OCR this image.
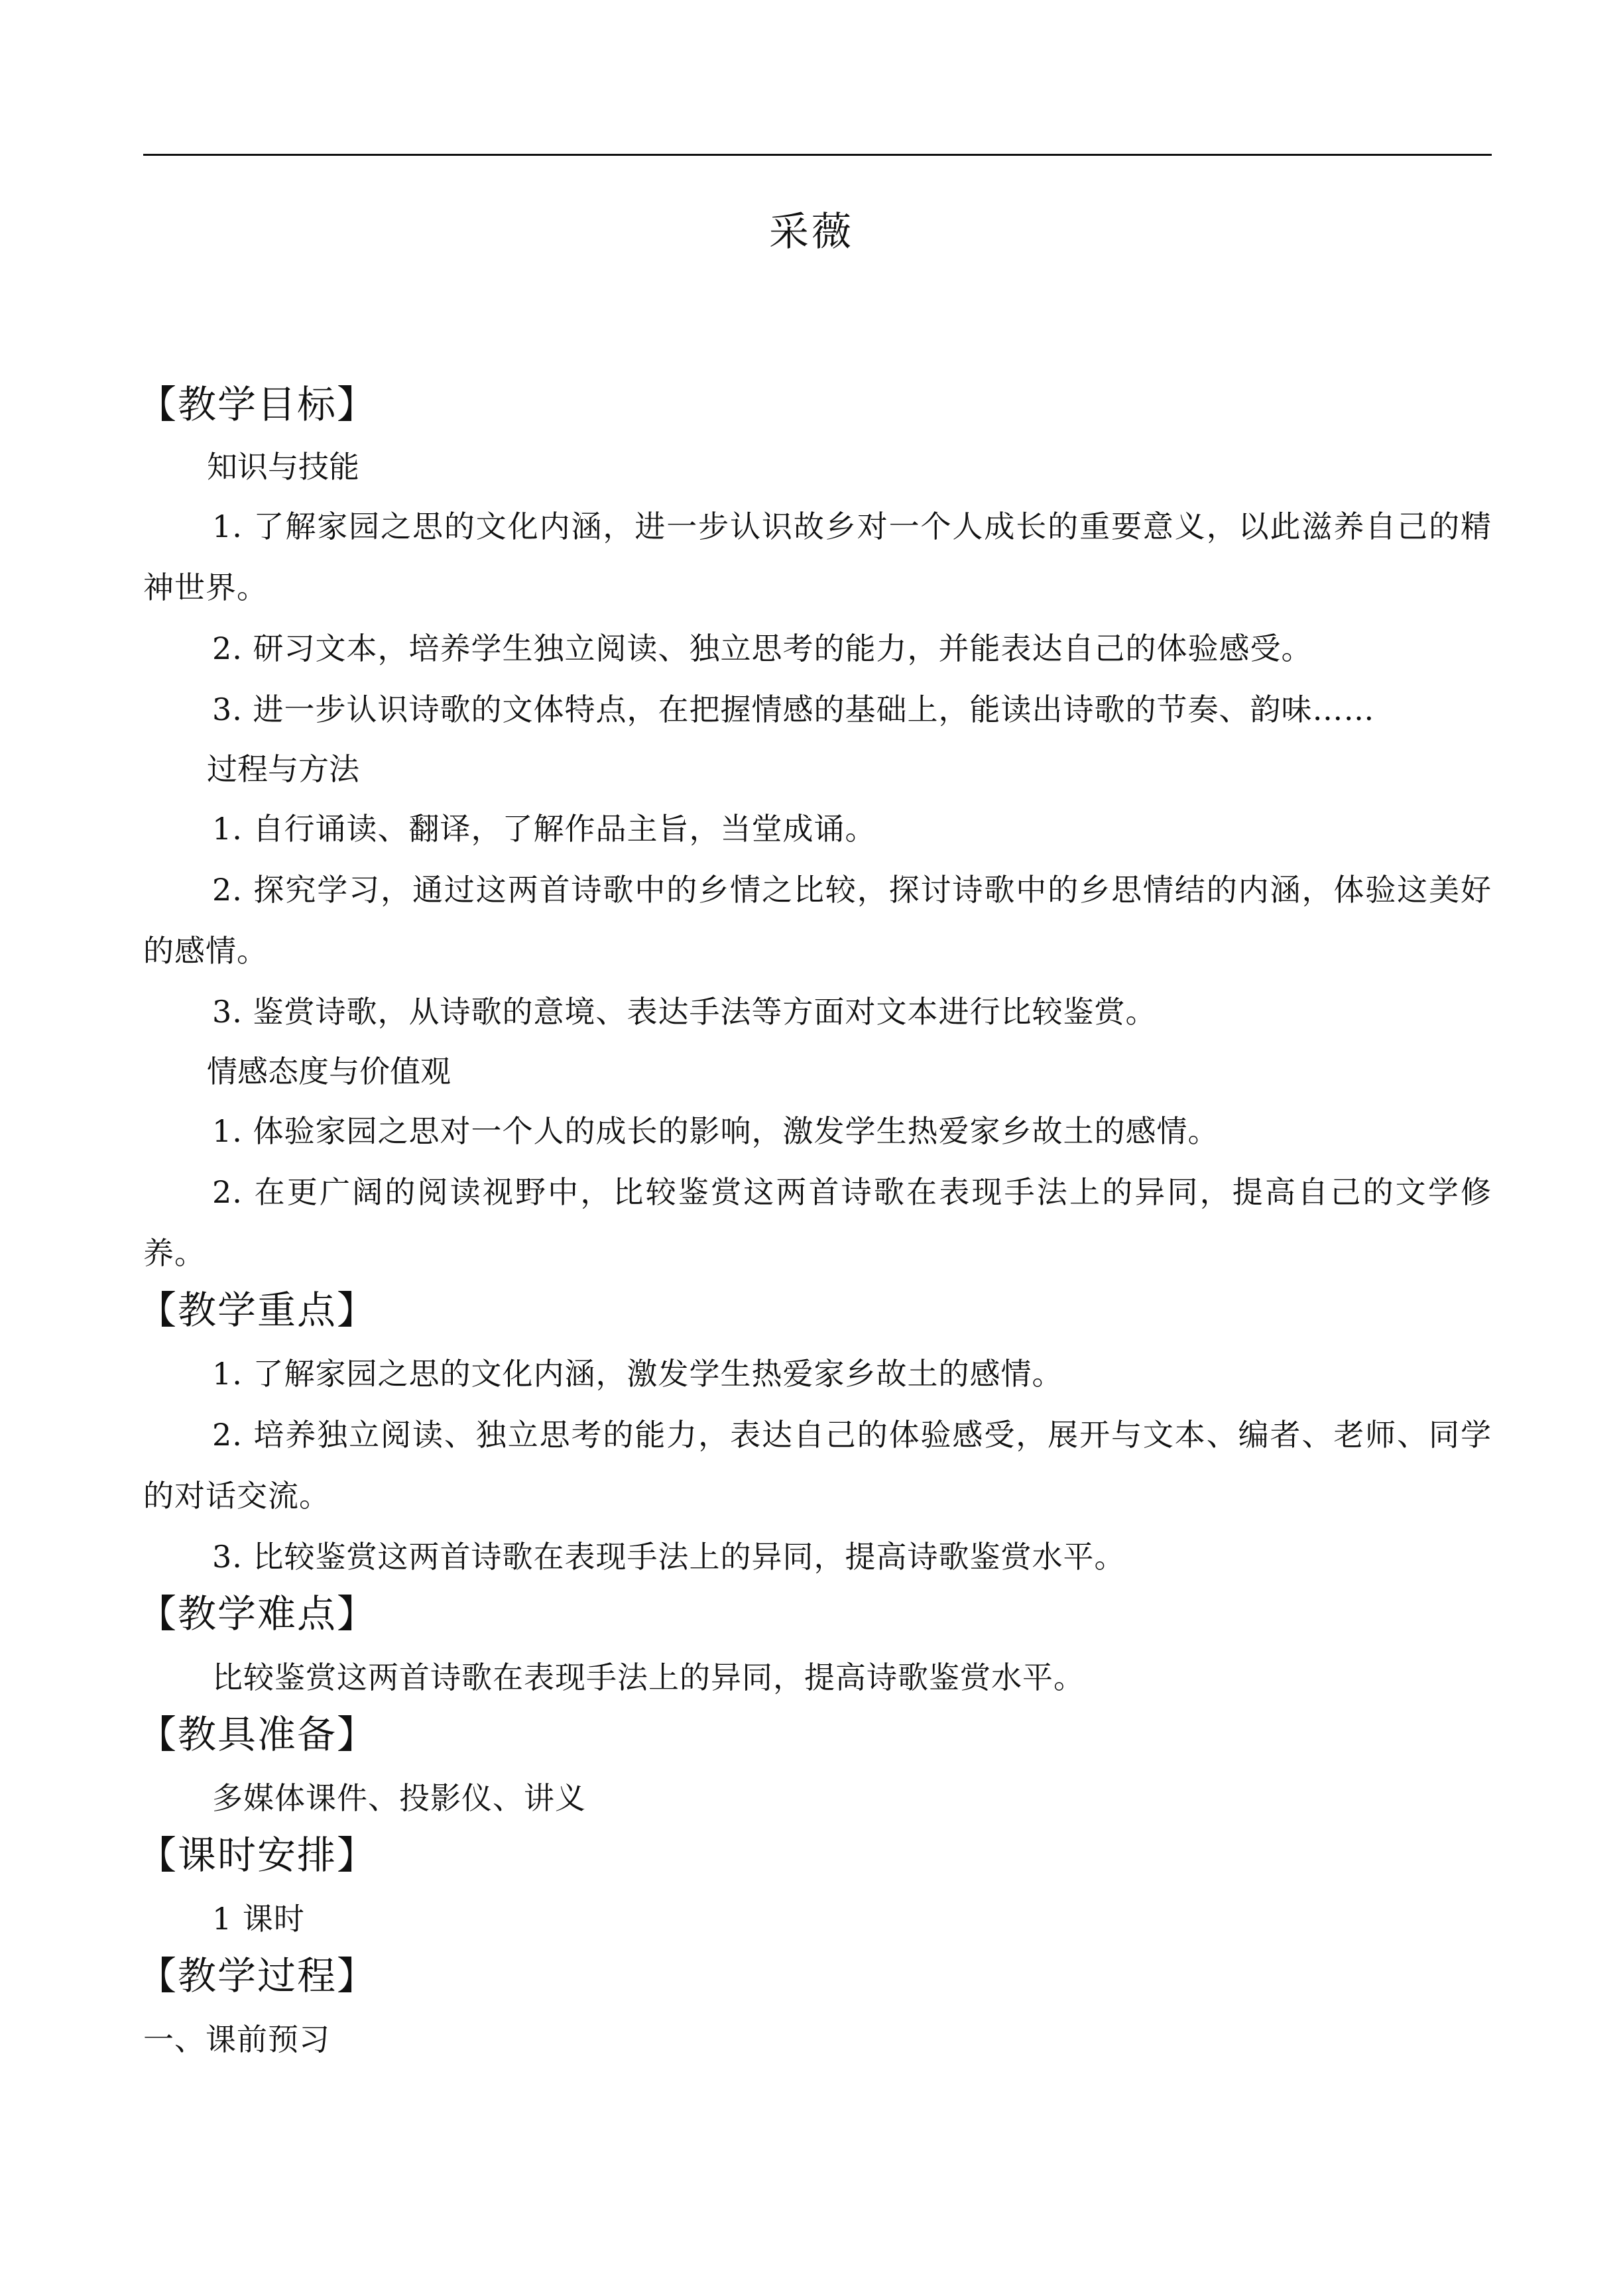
采薇
【教学目标】
知识与技能
1. 了解家园之思的文化内涵，进一步认识故乡对一个人成长的重要意义，以此滋养自己的精神世界。
2. 研习文本，培养学生独立阅读、独立思考的能力，并能表达自己的体验感受。
3. 进一步认识诗歌的文体特点，在把握情感的基础上，能读出诗歌的节奏、韵味……
过程与方法
1. 自行诵读、翻译，了解作品主旨，当堂成诵。
2. 探究学习，通过这两首诗歌中的乡情之比较，探讨诗歌中的乡思情结的内涵，体验这美好的感情。
3. 鉴赏诗歌，从诗歌的意境、表达手法等方面对文本进行比较鉴赏。
情感态度与价值观
1. 体验家园之思对一个人的成长的影响，激发学生热爱家乡故土的感情。
2. 在更广阔的阅读视野中，比较鉴赏这两首诗歌在表现手法上的异同，提高自己的文学修养。
【教学重点】
1. 了解家园之思的文化内涵，激发学生热爱家乡故土的感情。
2. 培养独立阅读、独立思考的能力，表达自己的体验感受，展开与文本、编者、老师、同学的对话交流。
3. 比较鉴赏这两首诗歌在表现手法上的异同，提高诗歌鉴赏水平。
【教学难点】
比较鉴赏这两首诗歌在表现手法上的异同，提高诗歌鉴赏水平。
【教具准备】
多媒体课件、投影仪、讲义
【课时安排】
1 课时
【教学过程】
一、课前预习
